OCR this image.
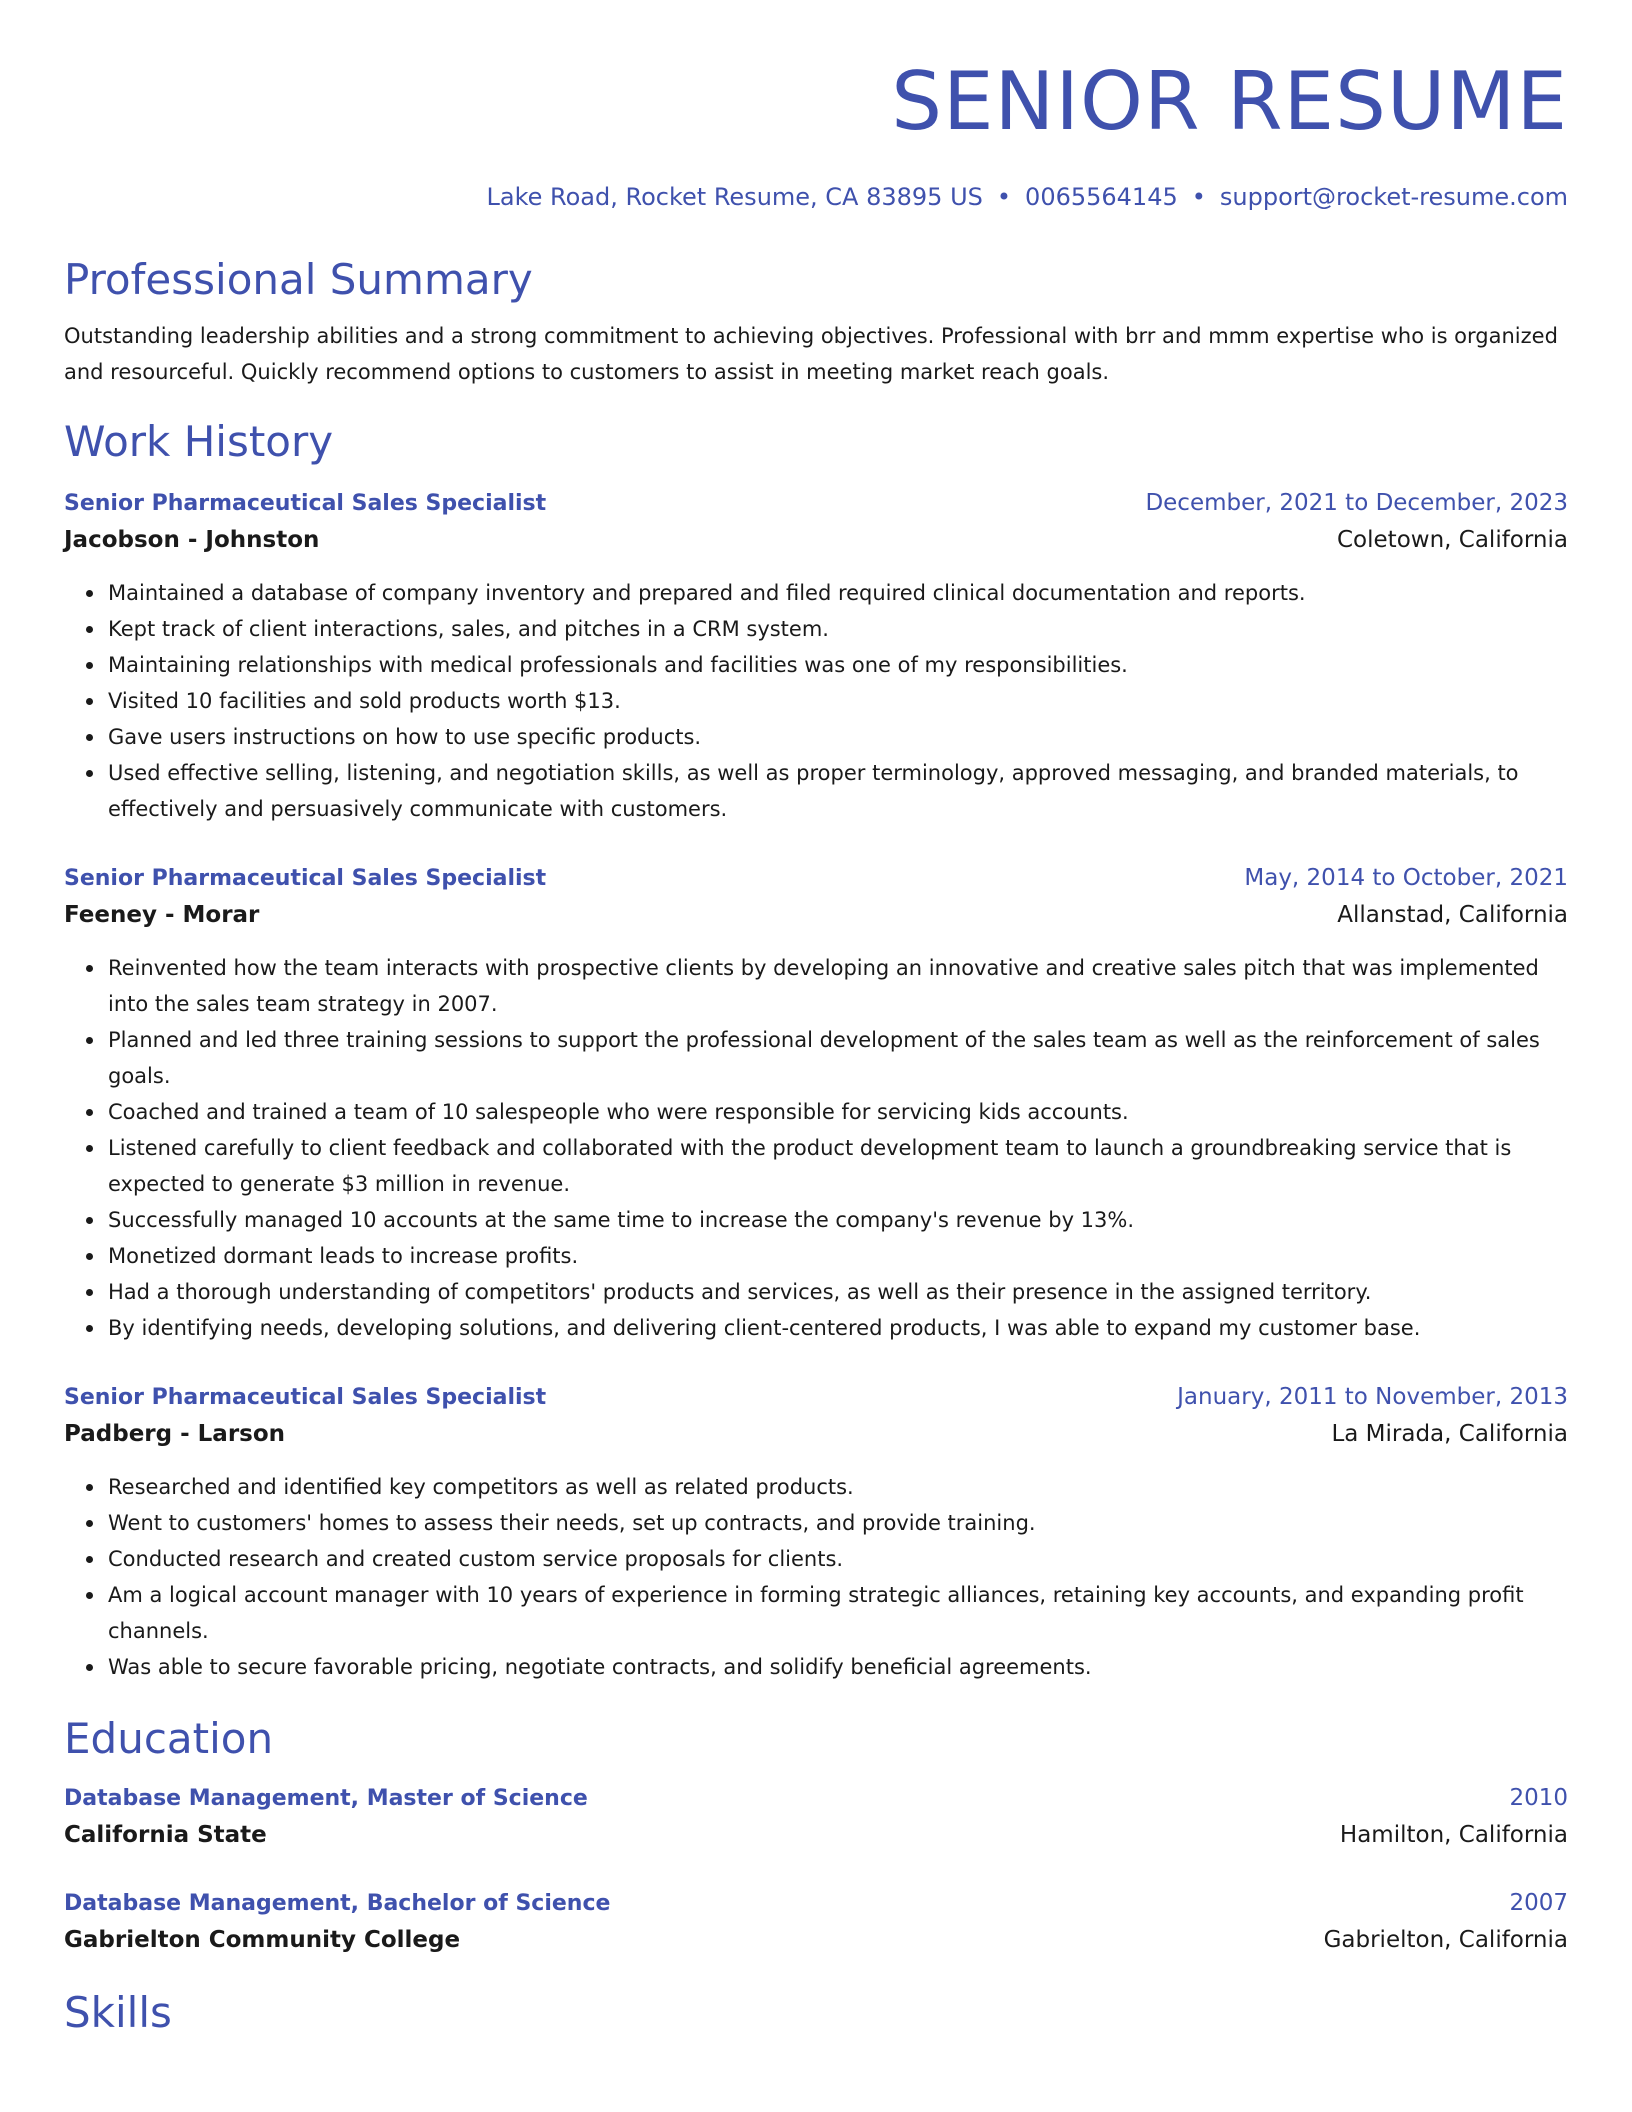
SENIOR RESUME
Lake Road, Rocket Resume, CA 83895 US • 0065564145 • support@rocket-resume.com
Professional Summary
Outstanding leadership abilities and a strong commitment to achieving objectives. Professional with brr and mmm expertise who is organized and resourceful. Quickly recommend options to customers to assist in meeting market reach goals.
Work History
Senior Pharmaceutical Sales Specialist	December, 2021 to December, 2023
Jacobson - Johnston	Coletown, California
Maintained a database of company inventory and prepared and filed required clinical documentation and reports.
Kept track of client interactions, sales, and pitches in a CRM system.
Maintaining relationships with medical professionals and facilities was one of my responsibilities.
Visited 10 facilities and sold products worth $13.
Gave users instructions on how to use specific products.
Used effective selling, listening, and negotiation skills, as well as proper terminology, approved messaging, and branded materials, to effectively and persuasively communicate with customers.
Senior Pharmaceutical Sales Specialist	May, 2014 to October, 2021
Feeney - Morar	Allanstad, California
Reinvented how the team interacts with prospective clients by developing an innovative and creative sales pitch that was implemented into the sales team strategy in 2007.
Planned and led three training sessions to support the professional development of the sales team as well as the reinforcement of sales goals.
Coached and trained a team of 10 salespeople who were responsible for servicing kids accounts.
Listened carefully to client feedback and collaborated with the product development team to launch a groundbreaking service that is expected to generate $3 million in revenue.
Successfully managed 10 accounts at the same time to increase the company's revenue by 13%.
Monetized dormant leads to increase profits.
Had a thorough understanding of competitors' products and services, as well as their presence in the assigned territory.
By identifying needs, developing solutions, and delivering client-centered products, I was able to expand my customer base.
Senior Pharmaceutical Sales Specialist	January, 2011 to November, 2013
Padberg - Larson	La Mirada, California
Researched and identified key competitors as well as related products.
Went to customers' homes to assess their needs, set up contracts, and provide training.
Conducted research and created custom service proposals for clients.
Am a logical account manager with 10 years of experience in forming strategic alliances, retaining key accounts, and expanding profit channels.
Was able to secure favorable pricing, negotiate contracts, and solidify beneficial agreements.
Education
Database Management, Master of Science	2010
California State	Hamilton, California
Database Management, Bachelor of Science	2007
Gabrielton Community College	Gabrielton, California
Skills
